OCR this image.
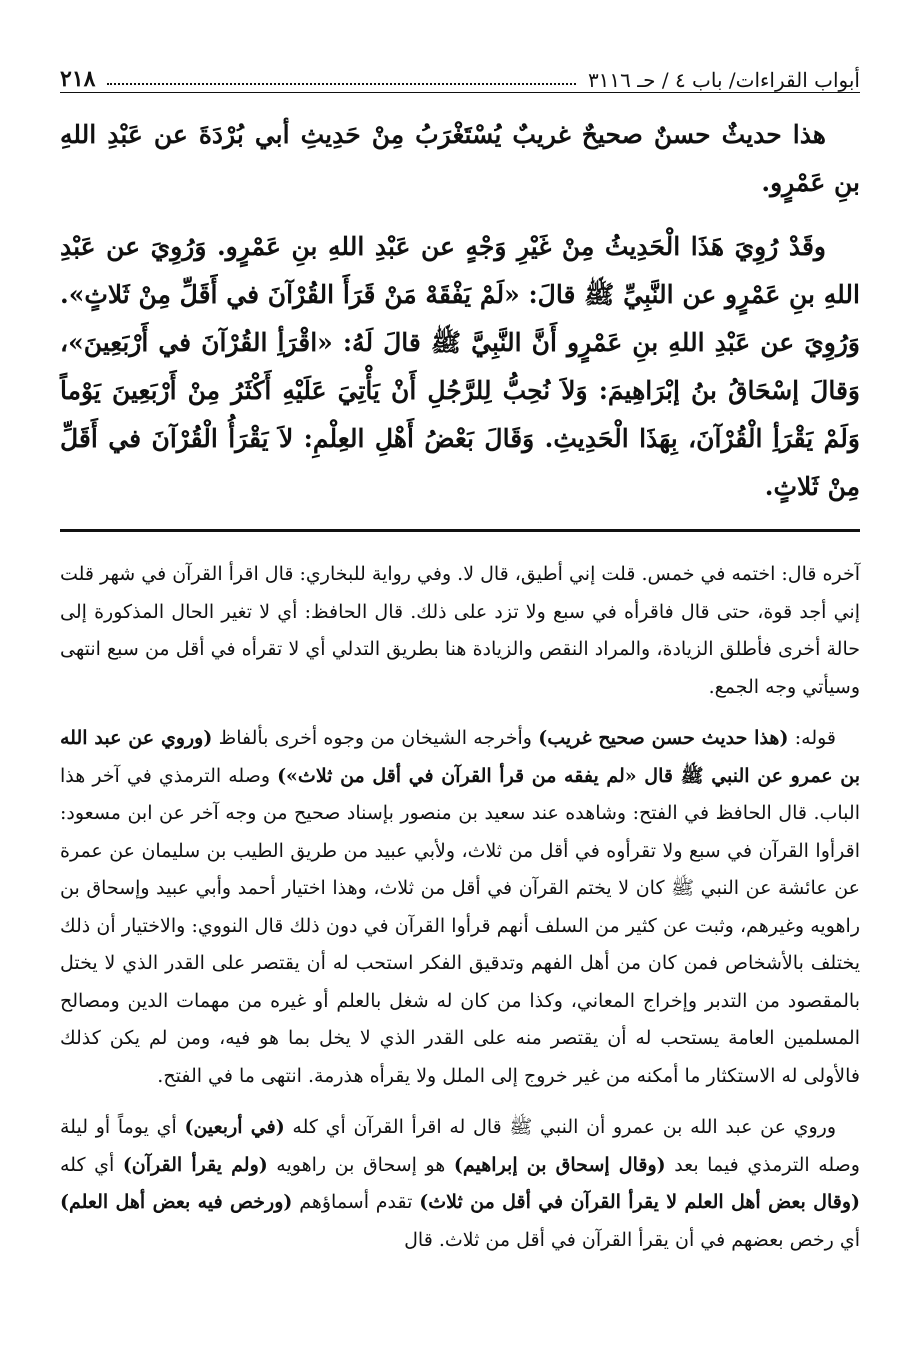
أبواب القراءات/ باب ٤ / حـ ٣١١٦
٢١٨

هذا حديثٌ حسنٌ صحيحٌ غريبٌ يُسْتَغْرَبُ مِنْ حَدِيثِ أبي بُرْدَةَ عن عَبْدِ اللهِ بنِ عَمْرٍو.

وقَدْ رُوِيَ هَذَا الْحَدِيثُ مِنْ غَيْرِ وَجْهٍ عن عَبْدِ اللهِ بنِ عَمْرٍو. وَرُوِيَ عن عَبْدِ اللهِ بنِ عَمْرٍو عن النَّبِيِّ ﷺ قالَ: «لَمْ يَفْقَهْ مَنْ قَرَأَ القُرْآنَ في أَقَلِّ مِنْ ثَلاثٍ». وَرُوِيَ عن عَبْدِ اللهِ بنِ عَمْرٍو أَنَّ النَّبِيَّ ﷺ قالَ لَهُ: «اقْرَأِ القُرْآنَ في أَرْبَعِينَ»، وَقالَ إسْحَاقُ بنُ إبْرَاهِيمَ: وَلاَ نُحِبُّ لِلرَّجُلِ أَنْ يَأْتِيَ عَلَيْهِ أَكْثَرُ مِنْ أَرْبَعِينَ يَوْماً وَلَمْ يَقْرَأِ الْقُرْآنَ، بِهَذَا الْحَدِيثِ. وَقَالَ بَعْضُ أَهْلِ العِلْمِ: لاَ يَقْرَأُ الْقُرْآنَ في أَقَلِّ مِنْ ثَلاثٍ.

آخره قال: اختمه في خمس. قلت إني أطيق، قال لا. وفي رواية للبخاري: قال اقرأ القرآن في شهر قلت إني أجد قوة، حتى قال فاقرأه في سبع ولا تزد على ذلك. قال الحافظ: أي لا تغير الحال المذكورة إلى حالة أخرى فأطلق الزيادة، والمراد النقص والزيادة هنا بطريق التدلي أي لا تقرأه في أقل من سبع انتهى وسيأتي وجه الجمع.

قوله: (هذا حديث حسن صحيح غريب) وأخرجه الشيخان من وجوه أخرى بألفاظ (وروي عن عبد الله بن عمرو عن النبي ﷺ قال «لم يفقه من قرأ القرآن في أقل من ثلاث») وصله الترمذي في آخر هذا الباب. قال الحافظ في الفتح: وشاهده عند سعيد بن منصور بإسناد صحيح من وجه آخر عن ابن مسعود: اقرأوا القرآن في سبع ولا تقرأوه في أقل من ثلاث، ولأبي عبيد من طريق الطيب بن سليمان عن عمرة عن عائشة عن النبي ﷺ كان لا يختم القرآن في أقل من ثلاث، وهذا اختيار أحمد وأبي عبيد وإسحاق بن راهويه وغيرهم، وثبت عن كثير من السلف أنهم قرأوا القرآن في دون ذلك قال النووي: والاختيار أن ذلك يختلف بالأشخاص فمن كان من أهل الفهم وتدقيق الفكر استحب له أن يقتصر على القدر الذي لا يختل بالمقصود من التدبر وإخراج المعاني، وكذا من كان له شغل بالعلم أو غيره من مهمات الدين ومصالح المسلمين العامة يستحب له أن يقتصر منه على القدر الذي لا يخل بما هو فيه، ومن لم يكن كذلك فالأولى له الاستكثار ما أمكنه من غير خروج إلى الملل ولا يقرأه هذرمة. انتهى ما في الفتح.

وروي عن عبد الله بن عمرو أن النبي ﷺ قال له اقرأ القرآن أي كله (في أربعين) أي يوماً أو ليلة وصله الترمذي فيما بعد (وقال إسحاق بن إبراهيم) هو إسحاق بن راهويه (ولم يقرأ القرآن) أي كله (وقال بعض أهل العلم لا يقرأ القرآن في أقل من ثلاث) تقدم أسماؤهم (ورخص فيه بعض أهل العلم) أي رخص بعضهم في أن يقرأ القرآن في أقل من ثلاث. قال
